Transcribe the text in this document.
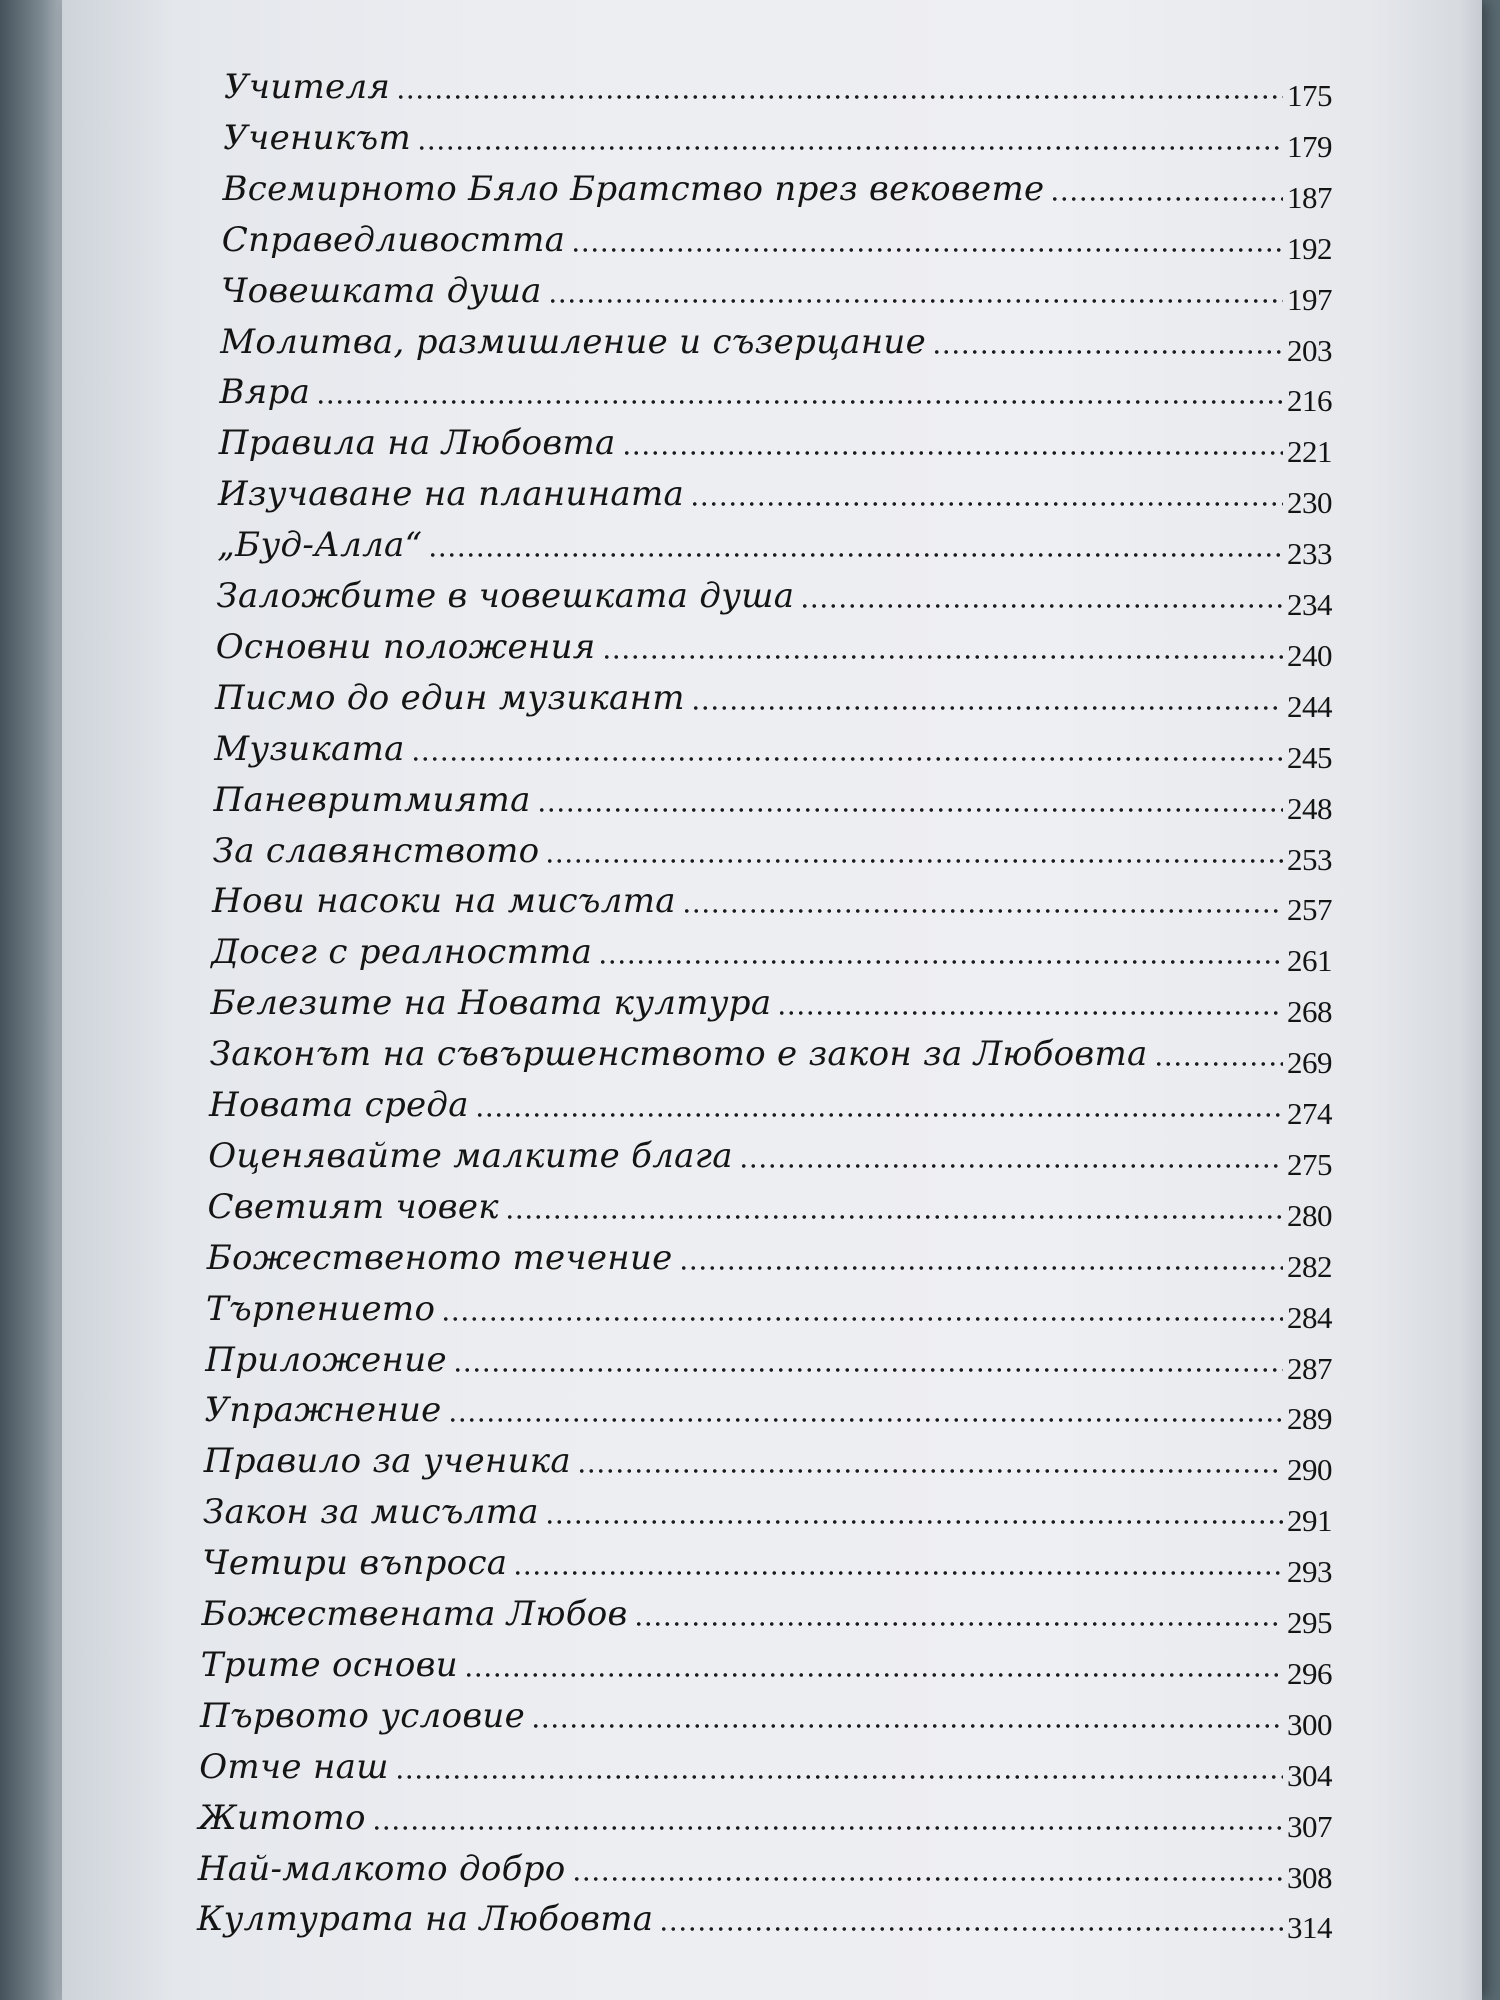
Учителя	175
Ученикът	179
Всемирното Бяло Братство през вековете	187
Справедливостта	192
Човешката душа	197
Молитва, размишление и съзерцание	203
Вяра	216
Правила на Любовта	221
Изучаване на планината	230
„Буд-Алла“	233
Заложбите в човешката душа	234
Основни положения	240
Писмо до един музикант	244
Музиката	245
Паневритмията	248
За славянството	253
Нови насоки на мисълта	257
Досег с реалността	261
Белезите на Новата култура	268
Законът на съвършенството е закон за Любовта	269
Новата среда	274
Оценявайте малките блага	275
Светият човек	280
Божественото течение	282
Търпението	284
Приложение	287
Упражнение	289
Правило за ученика	290
Закон за мисълта	291
Четири въпроса	293
Божествената Любов	295
Трите основи	296
Първото условие	300
Отче наш	304
Житото	307
Най-малкото добро	308
Културата на Любовта	314
